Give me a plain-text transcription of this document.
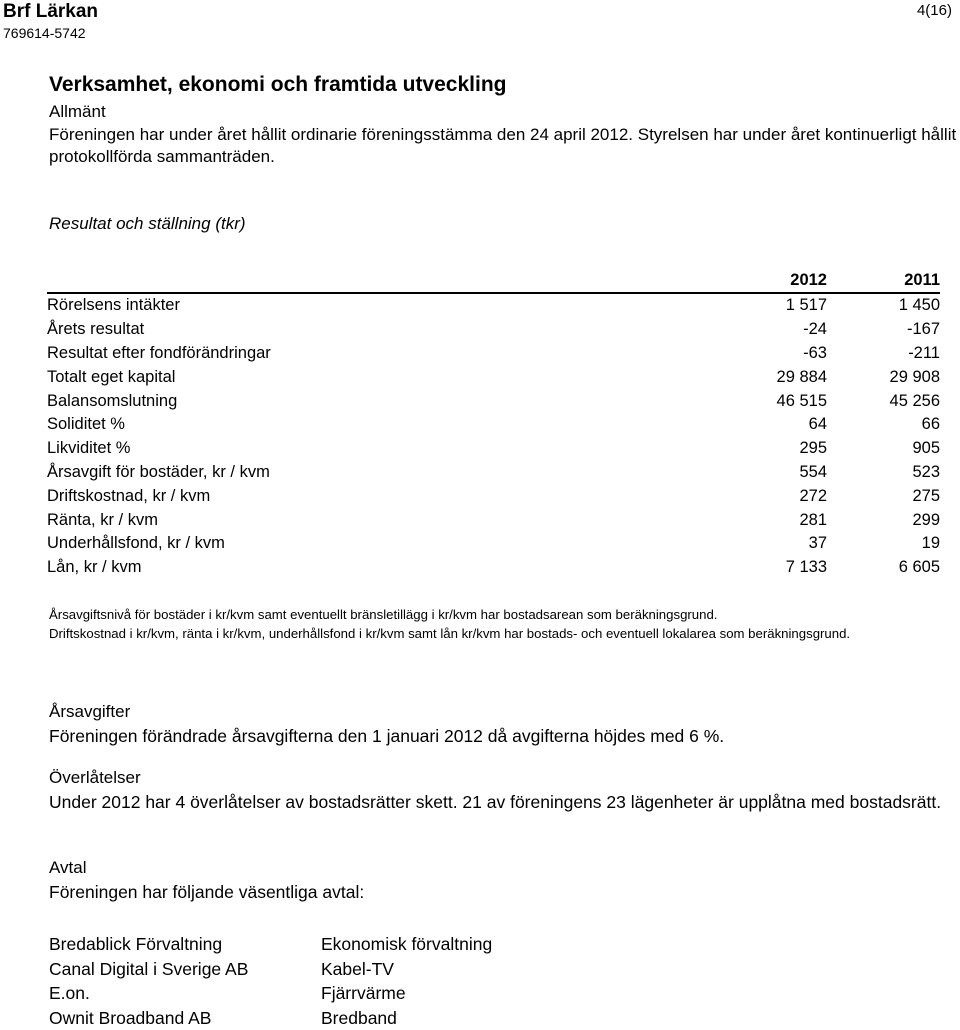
Brf Lärkan
769614-5742
4(16)
Verksamhet, ekonomi och framtida utveckling
Allmänt
Föreningen har under året hållit ordinarie föreningsstämma den 24 april 2012. Styrelsen har under året kontinuerligt hållit protokollförda sammanträden.
Resultat och ställning (tkr)
	2012	2011
Rörelsens intäkter	1 517	1 450
Årets resultat	-24	-167
Resultat efter fondförändringar	-63	-211
Totalt eget kapital	29 884	29 908
Balansomslutning	46 515	45 256
Soliditet %	64	66
Likviditet %	295	905
Årsavgift för bostäder, kr / kvm	554	523
Driftskostnad, kr / kvm	272	275
Ränta, kr / kvm	281	299
Underhållsfond, kr / kvm	37	19
Lån, kr / kvm	7 133	6 605
Årsavgiftsnivå för bostäder i kr/kvm samt eventuellt bränsletillägg i kr/kvm har bostadsarean som beräkningsgrund.
Driftskostnad i kr/kvm, ränta i kr/kvm, underhållsfond i kr/kvm samt lån kr/kvm har bostads- och eventuell lokalarea som beräkningsgrund.
Årsavgifter
Föreningen förändrade årsavgifterna den 1 januari 2012 då avgifterna höjdes med 6 %.
Överlåtelser
Under 2012 har 4 överlåtelser av bostadsrätter skett. 21 av föreningens 23 lägenheter är upplåtna med bostadsrätt.
Avtal
Föreningen har följande väsentliga avtal:
Bredablick Förvaltning	Ekonomisk förvaltning
Canal Digital i Sverige AB	Kabel-TV
E.on.	Fjärrvärme
Ownit Broadband AB	Bredband
